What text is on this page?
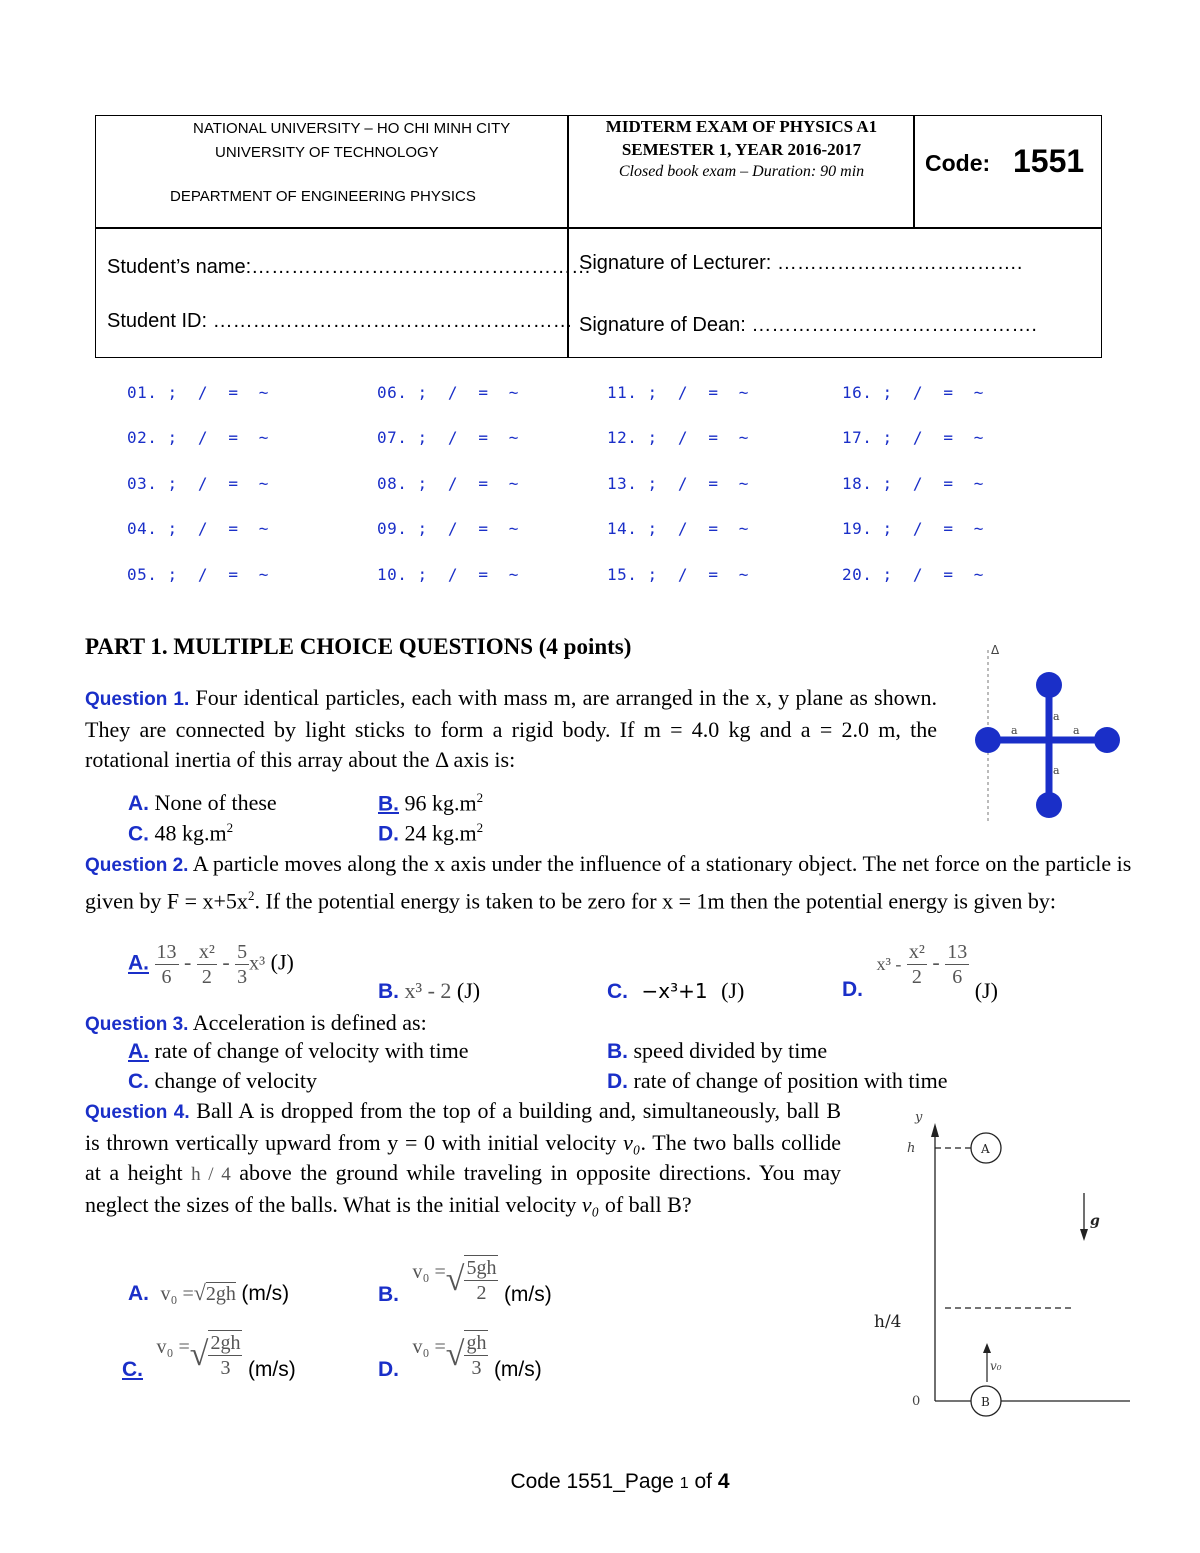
NATIONAL UNIVERSITY – HO CHI MINH CITY
UNIVERSITY OF TECHNOLOGY
DEPARTMENT OF ENGINEERING PHYSICS
MIDTERM EXAM OF PHYSICS A1
SEMESTER 1, YEAR 2016-2017
Closed book exam – Duration: 90 min	Code: 1551
Student’s name:……………………………………………
Student ID: ………………………………………………
Signature of Lecturer: ……………………………….
Signature of Dean: …………………………………….
01. ;  /  =  ~
02. ;  /  =  ~
03. ;  /  =  ~
04. ;  /  =  ~
05. ;  /  =  ~
06. ;  /  =  ~
07. ;  /  =  ~
08. ;  /  =  ~
09. ;  /  =  ~
10. ;  /  =  ~
11. ;  /  =  ~
12. ;  /  =  ~
13. ;  /  =  ~
14. ;  /  =  ~
15. ;  /  =  ~
16. ;  /  =  ~
17. ;  /  =  ~
18. ;  /  =  ~
19. ;  /  =  ~
20. ;  /  =  ~
PART 1. MULTIPLE CHOICE QUESTIONS (4 points)
Question 1. Four identical particles, each with mass m, are arranged in the x, y plane as shown. They are connected by light sticks to form a rigid body. If m = 4.0 kg and a = 2.0 m, the rotational inertia of this array about the Δ axis is:
Δ
a	a
a
a
A. None of these	B. 96 $kg.m^2$
C. 48 $kg.m^2$	D. 24 $kg.m^2$
Question 2. A particle moves along the x axis under the influence of a stationary object. The net force on the particle is given by $F = x+5x^2$. If the potential energy is taken to be zero for x = 1m then the potential energy is given by:
A. $\frac{13}{6} - \frac{\text{x²}}{2} - \frac{5}{3} x^3$ (J)
B. x³ - 2 (J)	C. −x³+1 (J)	D. $x^3 - \frac{\text{x²}}{2} - \frac{13}{6}$
(J)
Question 3. Acceleration is defined as:
A. rate of change of velocity with time	B. speed divided by time
C. change of velocity	D. rate of change of position with time
Question 4. Ball A is dropped from the top of a building and, simultaneously, ball B is thrown vertically upward from y = 0 with initial velocity v₀. The two balls collide at a height h / 4 above the ground while traveling in opposite directions. You may neglect the sizes of the balls. What is the initial velocity v₀ of ball B?
A
B
g
v₀
y
h
h/4
0
A. v₀ =√2gh (m/s)	B. v₀ =√ $\frac{5gh}{2} (m/s)$
C. v₀ =√ $\frac{2gh}{3} (m/s)$	D. v₀ =√ $\frac{gh}{3} (m/s)$
Code 1551_Page 1 of 4
